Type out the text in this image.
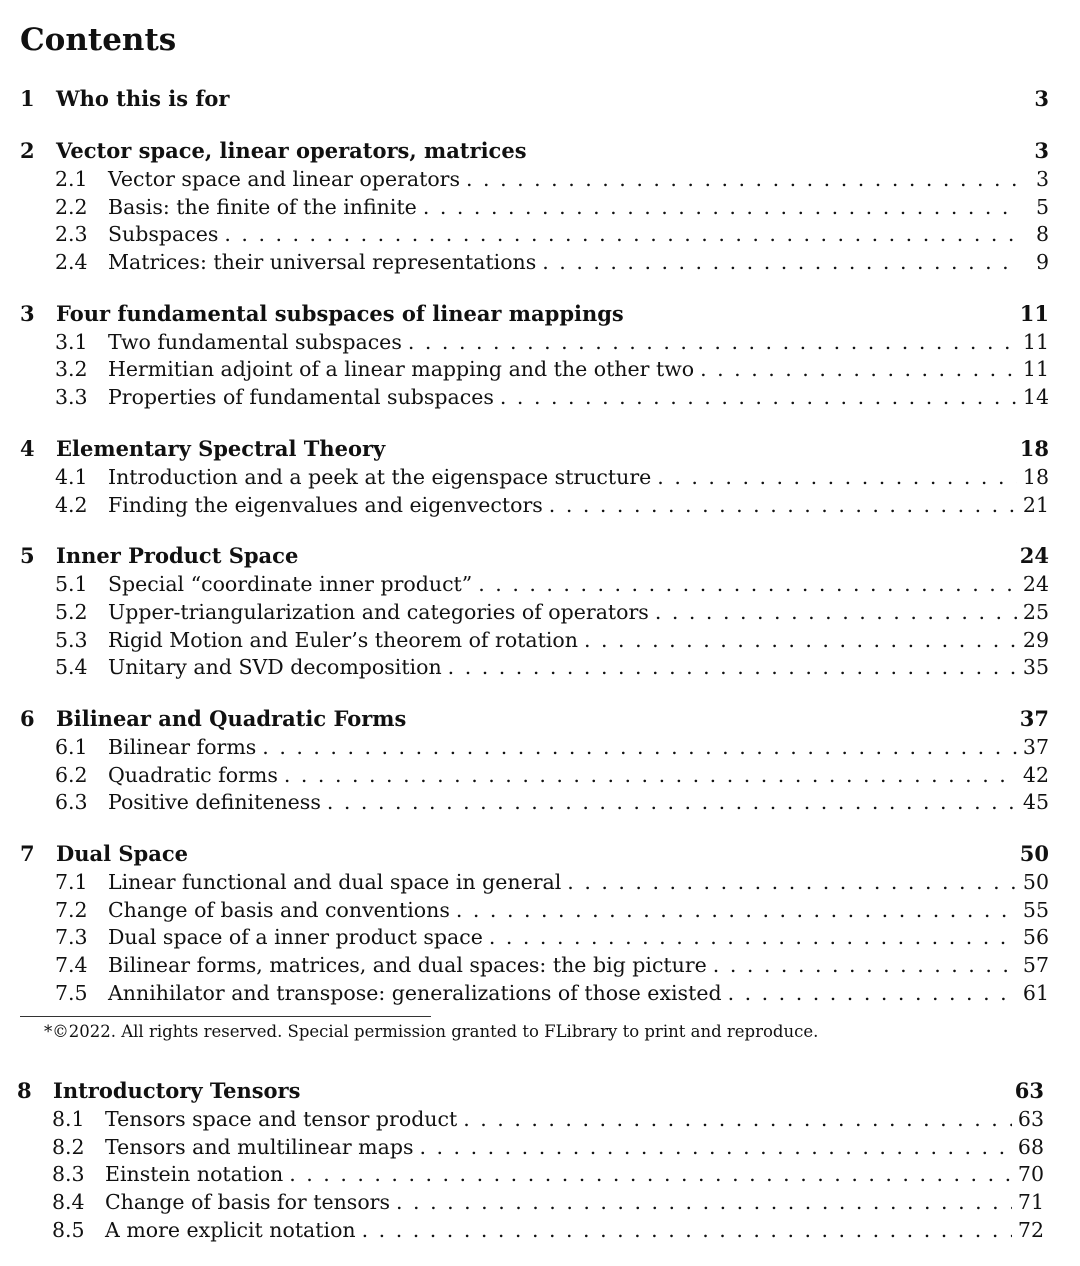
Contents
1	Who this is for	3
2	Vector space, linear operators, matrices	3
2.1 Vector space and linear operators . . .	3
2.2 Basis: the finite of the infinite . . .	5
2.3 Subspaces . . .	8
2.4 Matrices: their universal representations . . .	9
3	Four fundamental subspaces of linear mappings	11
3.1 Two fundamental subspaces . . .	11
3.2 Hermitian adjoint of a linear mapping and the other two . . .	11
3.3 Properties of fundamental subspaces . . .	14
4	Elementary Spectral Theory	18
4.1 Introduction and a peek at the eigenspace structure . . .	18
4.2 Finding the eigenvalues and eigenvectors . . .	21
5	Inner Product Space	24
5.1 Special “coordinate inner product” . . .	24
5.2 Upper-triangularization and categories of operators . . .	25
5.3 Rigid Motion and Euler’s theorem of rotation . . .	29
5.4 Unitary and SVD decomposition . . .	35
6	Bilinear and Quadratic Forms	37
6.1 Bilinear forms . . .	37
6.2 Quadratic forms . . .	42
6.3 Positive definiteness . . .	45
7	Dual Space	50
7.1 Linear functional and dual space in general . . .	50
7.2 Change of basis and conventions . . .	55
7.3 Dual space of a inner product space . . .	56
7.4 Bilinear forms, matrices, and dual spaces: the big picture . . .	57
7.5 Annihilator and transpose: generalizations of those existed . . .	61
*©2022. All rights reserved. Special permission granted to FLibrary to print and reproduce.
8	Introductory Tensors	63
8.1 Tensors space and tensor product . . .	63
8.2 Tensors and multilinear maps . . .	68
8.3 Einstein notation . . .	70
8.4 Change of basis for tensors . . .	71
8.5 A more explicit notation . . .	72
